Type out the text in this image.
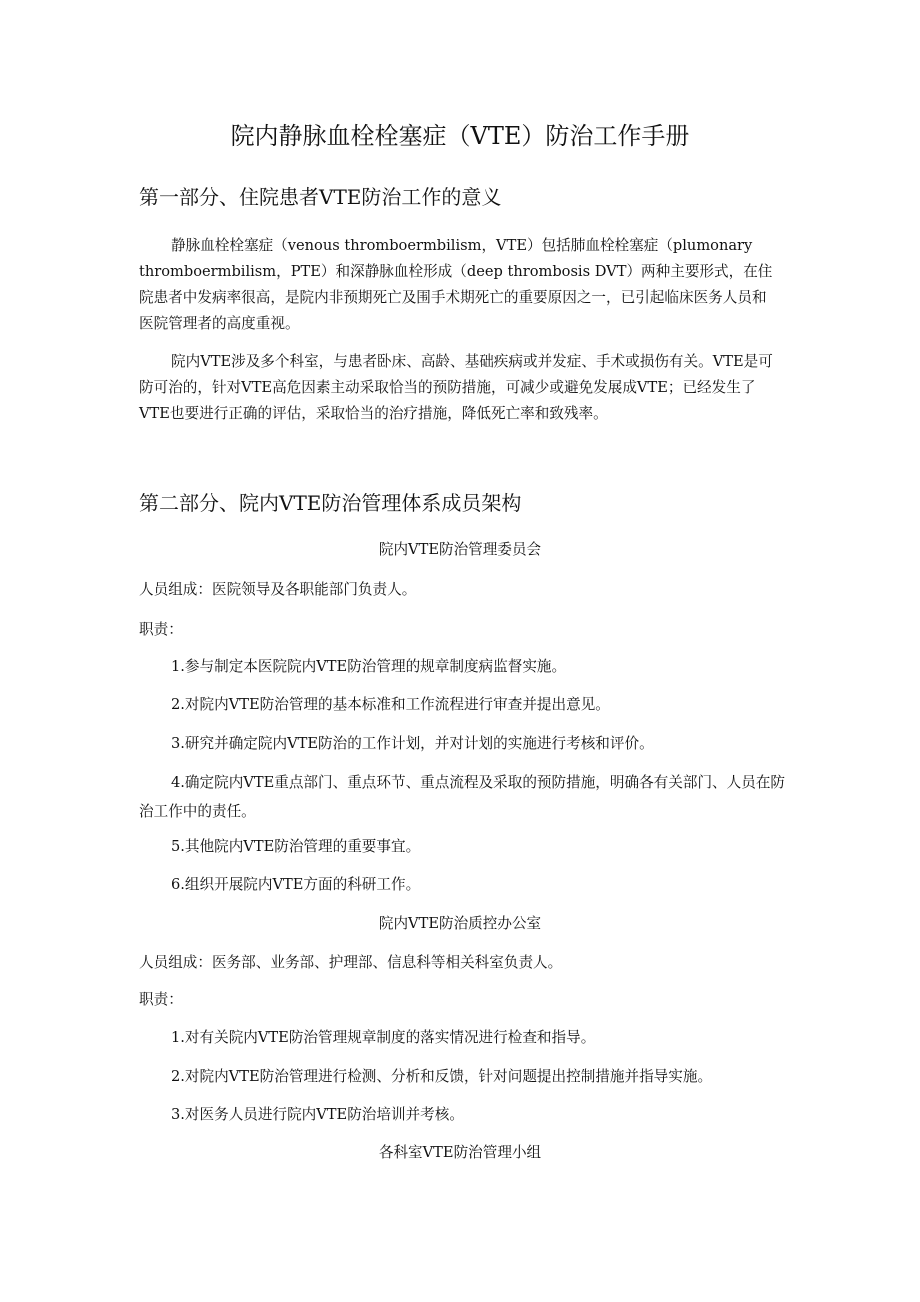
院内静脉血栓栓塞症（VTE）防治工作手册
第一部分、住院患者VTE防治工作的意义
静脉血栓栓塞症（venous thromboermbilism，VTE）包括肺血栓栓塞症（plumonary thromboermbilism，PTE）和深静脉血栓形成（deep thrombosis DVT）两种主要形式，在住院患者中发病率很高，是院内非预期死亡及围手术期死亡的重要原因之一，已引起临床医务人员和医院管理者的高度重视。
院内VTE涉及多个科室，与患者卧床、高龄、基础疾病或并发症、手术或损伤有关。VTE是可防可治的，针对VTE高危因素主动采取恰当的预防措施，可减少或避免发展成VTE；已经发生了VTE也要进行正确的评估，采取恰当的治疗措施，降低死亡率和致残率。
第二部分、院内VTE防治管理体系成员架构
院内VTE防治管理委员会
人员组成：医院领导及各职能部门负责人。
职责：
1.参与制定本医院院内VTE防治管理的规章制度病监督实施。
2.对院内VTE防治管理的基本标准和工作流程进行审查并提出意见。
3.研究并确定院内VTE防治的工作计划，并对计划的实施进行考核和评价。
4.确定院内VTE重点部门、重点环节、重点流程及采取的预防措施，明确各有关部门、人员在防治工作中的责任。
5.其他院内VTE防治管理的重要事宜。
6.组织开展院内VTE方面的科研工作。
院内VTE防治质控办公室
人员组成：医务部、业务部、护理部、信息科等相关科室负责人。
职责：
1.对有关院内VTE防治管理规章制度的落实情况进行检查和指导。
2.对院内VTE防治管理进行检测、分析和反馈，针对问题提出控制措施并指导实施。
3.对医务人员进行院内VTE防治培训并考核。
各科室VTE防治管理小组
